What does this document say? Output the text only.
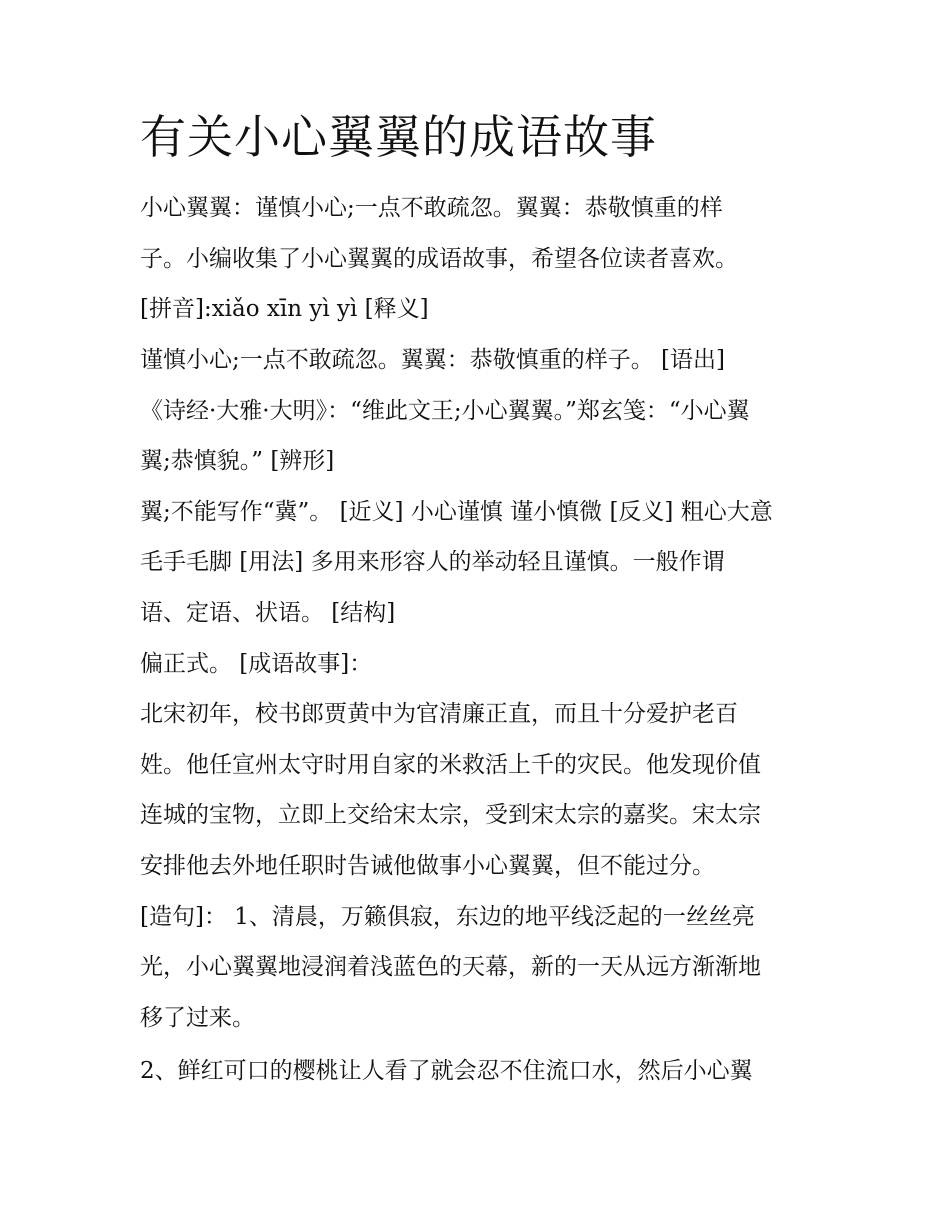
有关小心翼翼的成语故事

小心翼翼：谨慎小心;一点不敢疏忽。翼翼：恭敬慎重的样

子。小编收集了小心翼翼的成语故事，希望各位读者喜欢。

[拼音]:xiǎo xīn yì yì [释义]

谨慎小心;一点不敢疏忽。翼翼：恭敬慎重的样子。 [语出]

《诗经·大雅·大明》：“维此文王;小心翼翼。”郑玄笺：“小心翼

翼;恭慎貌。” [辨形]

翼;不能写作“冀”。 [近义] 小心谨慎 谨小慎微 [反义] 粗心大意

毛手毛脚 [用法] 多用来形容人的举动轻且谨慎。一般作谓

语、定语、状语。 [结构]

偏正式。 [成语故事]：

北宋初年，校书郎贾黄中为官清廉正直，而且十分爱护老百

姓。他任宣州太守时用自家的米救活上千的灾民。他发现价值

连城的宝物，立即上交给宋太宗，受到宋太宗的嘉奖。宋太宗

安排他去外地任职时告诫他做事小心翼翼，但不能过分。

[造句]： 1、清晨，万籁俱寂，东边的地平线泛起的一丝丝亮

光，小心翼翼地浸润着浅蓝色的天幕，新的一天从远方渐渐地

移了过来。

2、鲜红可口的樱桃让人看了就会忍不住流口水，然后小心翼
